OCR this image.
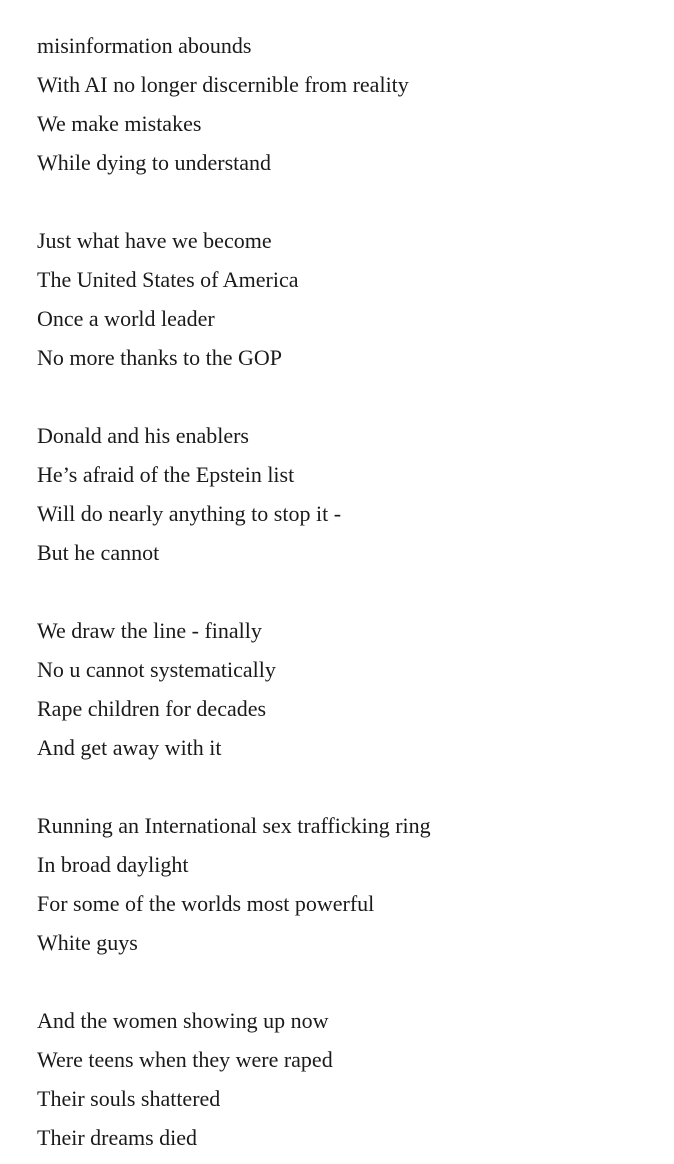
misinformation abounds
With AI no longer discernible from reality
We make mistakes
While dying to understand
Just what have we become
The United States of America
Once a world leader
No more thanks to the GOP
Donald and his enablers
He’s afraid of the Epstein list
Will do nearly anything to stop it -
But he cannot
We draw the line - finally
No u cannot systematically
Rape children for decades
And get away with it
Running an International sex trafficking ring
In broad daylight
For some of the worlds most powerful
White guys
And the women showing up now
Were teens when they were raped
Their souls shattered
Their dreams died
